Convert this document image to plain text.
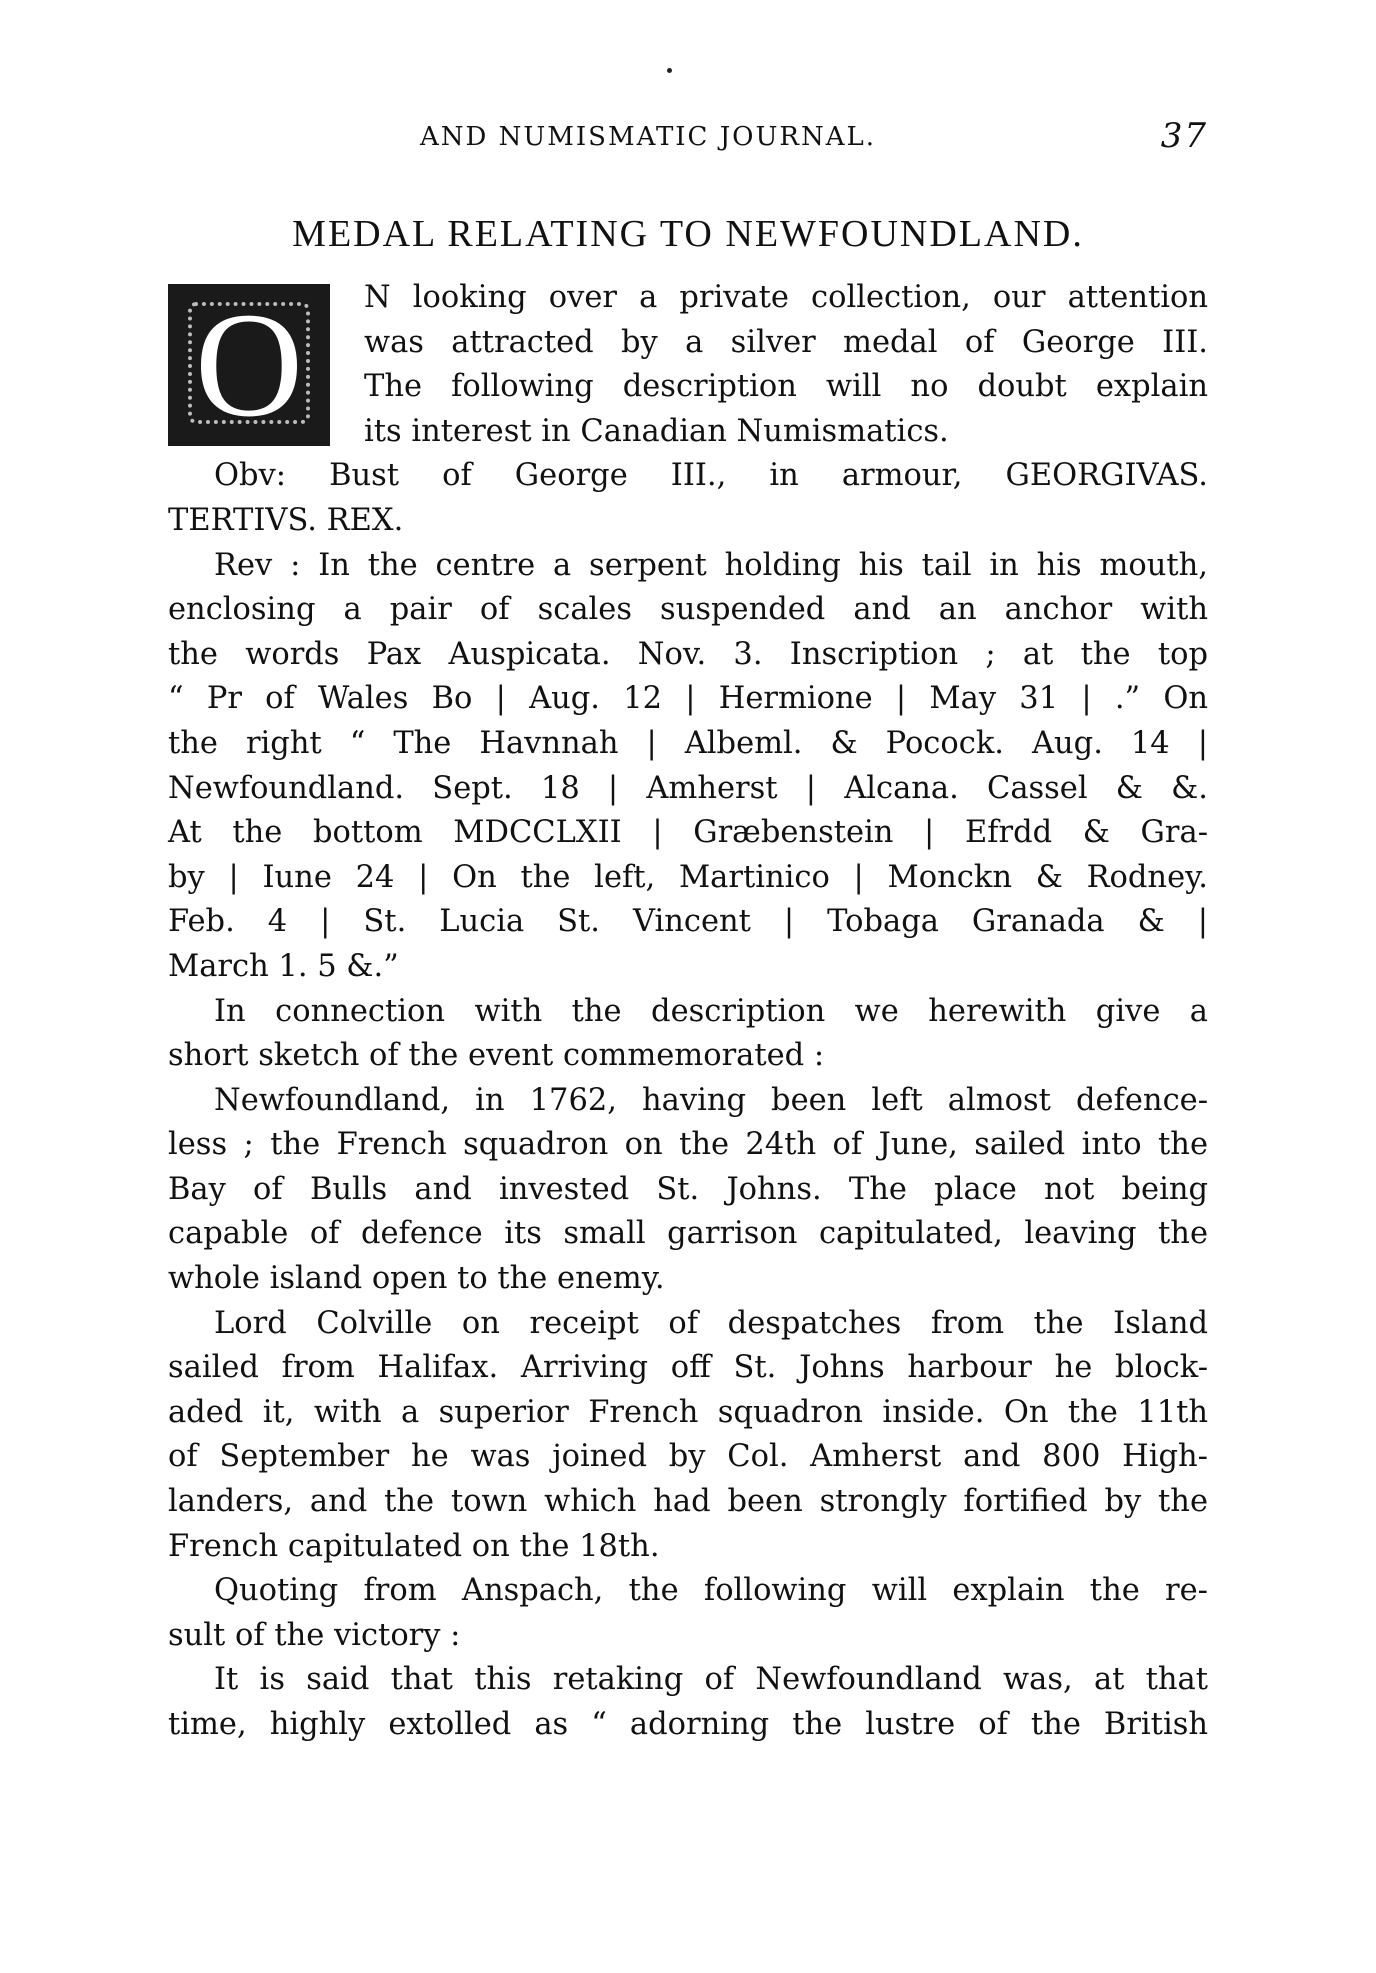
AND NUMISMATIC JOURNAL.	37
MEDAL RELATING TO NEWFOUNDLAND.
O	N looking over a private collection, our attention
was attracted by a silver medal of George III.
The following description will no doubt explain
its interest in Canadian Numismatics.
Obv: Bust of George III., in armour, GEORGIVAS.
TERTIVS. REX.
Rev : In the centre a serpent holding his tail in his mouth,
enclosing a pair of scales suspended and an anchor with
the words Pax Auspicata. Nov. 3. Inscription ; at the top
“ Pr of Wales Bo | Aug. 12 | Hermione | May 31 | .” On
the right “ The Havnnah | Albeml. & Pocock. Aug. 14 |
Newfoundland. Sept. 18 | Amherst | Alcana. Cassel & &.
At the bottom MDCCLXII | Græbenstein | Efrdd & Gra-
by | Iune 24 | On the left, Martinico | Monckn & Rodney.
Feb. 4 | St. Lucia St. Vincent | Tobaga Granada & |
March 1. 5 &.”
In connection with the description we herewith give a
short sketch of the event commemorated :
Newfoundland, in 1762, having been left almost defence-
less ; the French squadron on the 24th of June, sailed into the
Bay of Bulls and invested St. Johns. The place not being
capable of defence its small garrison capitulated, leaving the
whole island open to the enemy.
Lord Colville on receipt of despatches from the Island
sailed from Halifax. Arriving off St. Johns harbour he block-
aded it, with a superior French squadron inside. On the 11th
of September he was joined by Col. Amherst and 800 High-
landers, and the town which had been strongly fortified by the
French capitulated on the 18th.
Quoting from Anspach, the following will explain the re-
sult of the victory :
It is said that this retaking of Newfoundland was, at that
time, highly extolled as “ adorning the lustre of the British
